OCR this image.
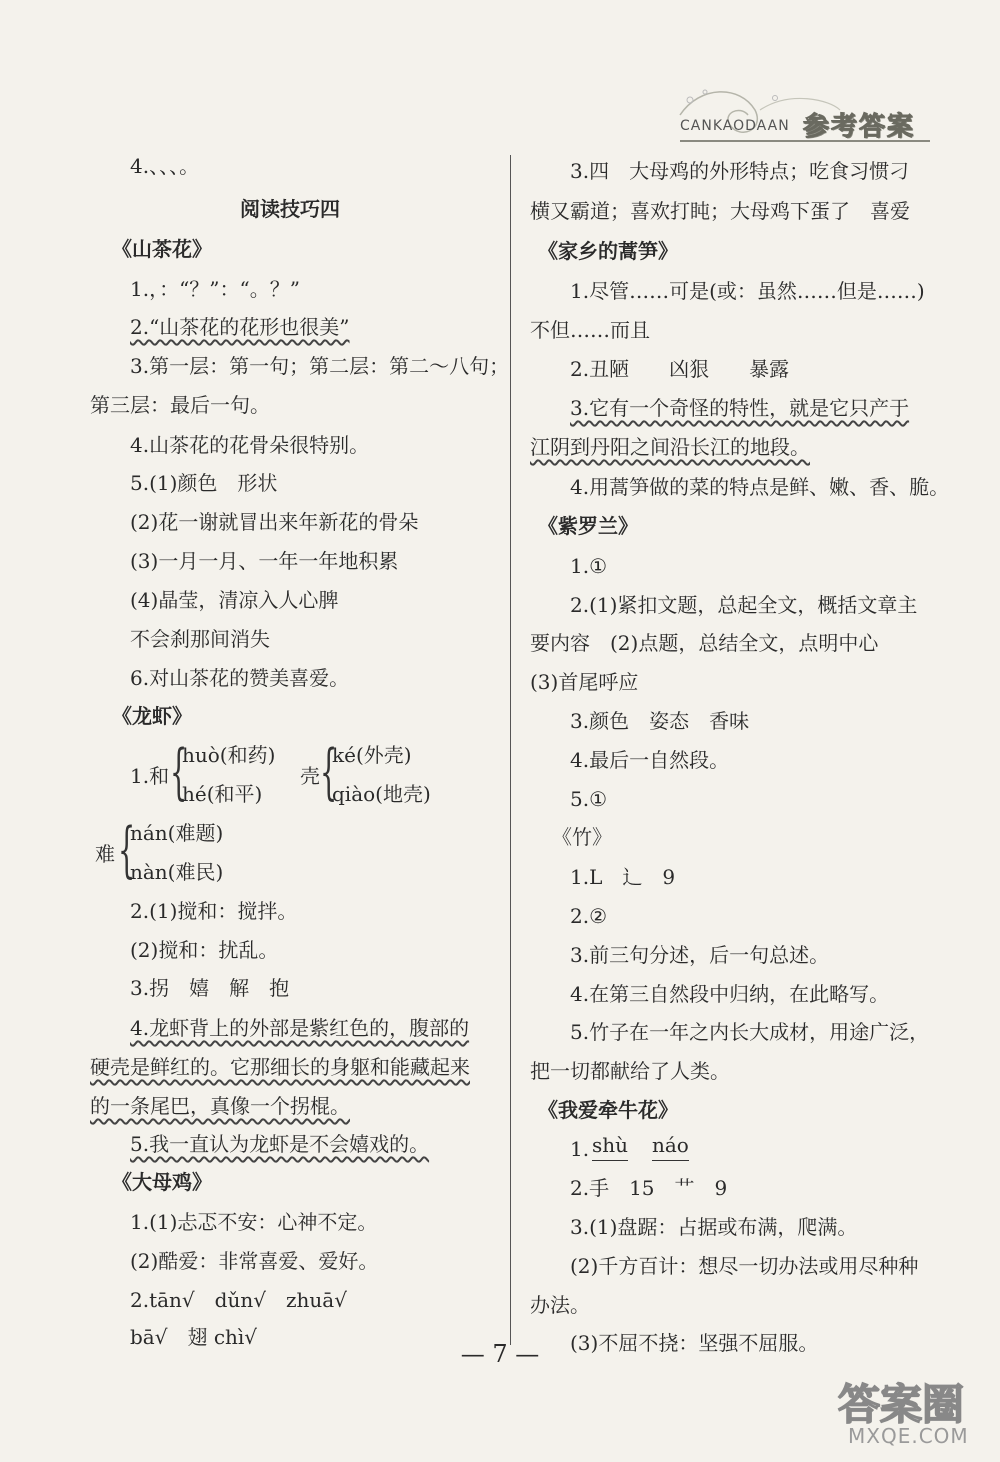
CANKAODAAN 参考答案
4.、、、。
阅读技巧四
《山茶花》
1.，：“？”：“。？”
2.“山茶花的花形也很美”
3.第一层：第一句；第二层：第二～八句；
第三层：最后一句。
4.山茶花的花骨朵很特别。
5.(1)颜色　形状
(2)花一谢就冒出来年新花的骨朵
(3)一月一月、一年一年地积累
(4)晶莹，清凉入人心脾
不会刹那间消失
6.对山茶花的赞美喜爱。
《龙虾》
1.和 {
huò(和药)
hé(和平)
壳 {
ké(外壳)
qiào(地壳)
难 {
nán(难题)
nàn(难民)
2.(1)搅和：搅拌。
(2)搅和：扰乱。
3.拐　嬉　解　抱
4.龙虾背上的外部是紫红色的，腹部的
硬壳是鲜红的。它那细长的身躯和能藏起来
的一条尾巴，真像一个拐棍。
5.我一直认为龙虾是不会嬉戏的。
《大母鸡》
1.(1)忐忑不安：心神不定。
(2)酷爱：非常喜爱、爱好。
2.tān√　dǔn√　zhuā√
bā√　翅 chì√
3.四　大母鸡的外形特点；吃食习惯刁
横又霸道；喜欢打盹；大母鸡下蛋了　喜爱
《家乡的蒿笋》
1.尽管……可是(或：虽然……但是……)
不但……而且
2.丑陋　　凶狠　　暴露
3.它有一个奇怪的特性，就是它只产于
江阴到丹阳之间沿长江的地段。
4.用蒿笋做的菜的特点是鲜、嫩、香、脆。
《紫罗兰》
1.①
2.(1)紧扣文题，总起全文，概括文章主
要内容　(2)点题，总结全文，点明中心
(3)首尾呼应
3.颜色　姿态　香味
4.最后一自然段。
5.①
《竹》
1.L　辶　9
2.②
3.前三句分述，后一句总述。
4.在第三自然段中归纳，在此略写。
5.竹子在一年之内长大成材，用途广泛，
把一切都献给了人类。
《我爱牵牛花》
1. shù náo
2.手　15　艹　9
3.(1)盘踞：占据或布满，爬满。
(2)千方百计：想尽一切办法或用尽种种
办法。
(3)不屈不挠：坚强不屈服。
— 7 —
答案圈
MXQE.COM
